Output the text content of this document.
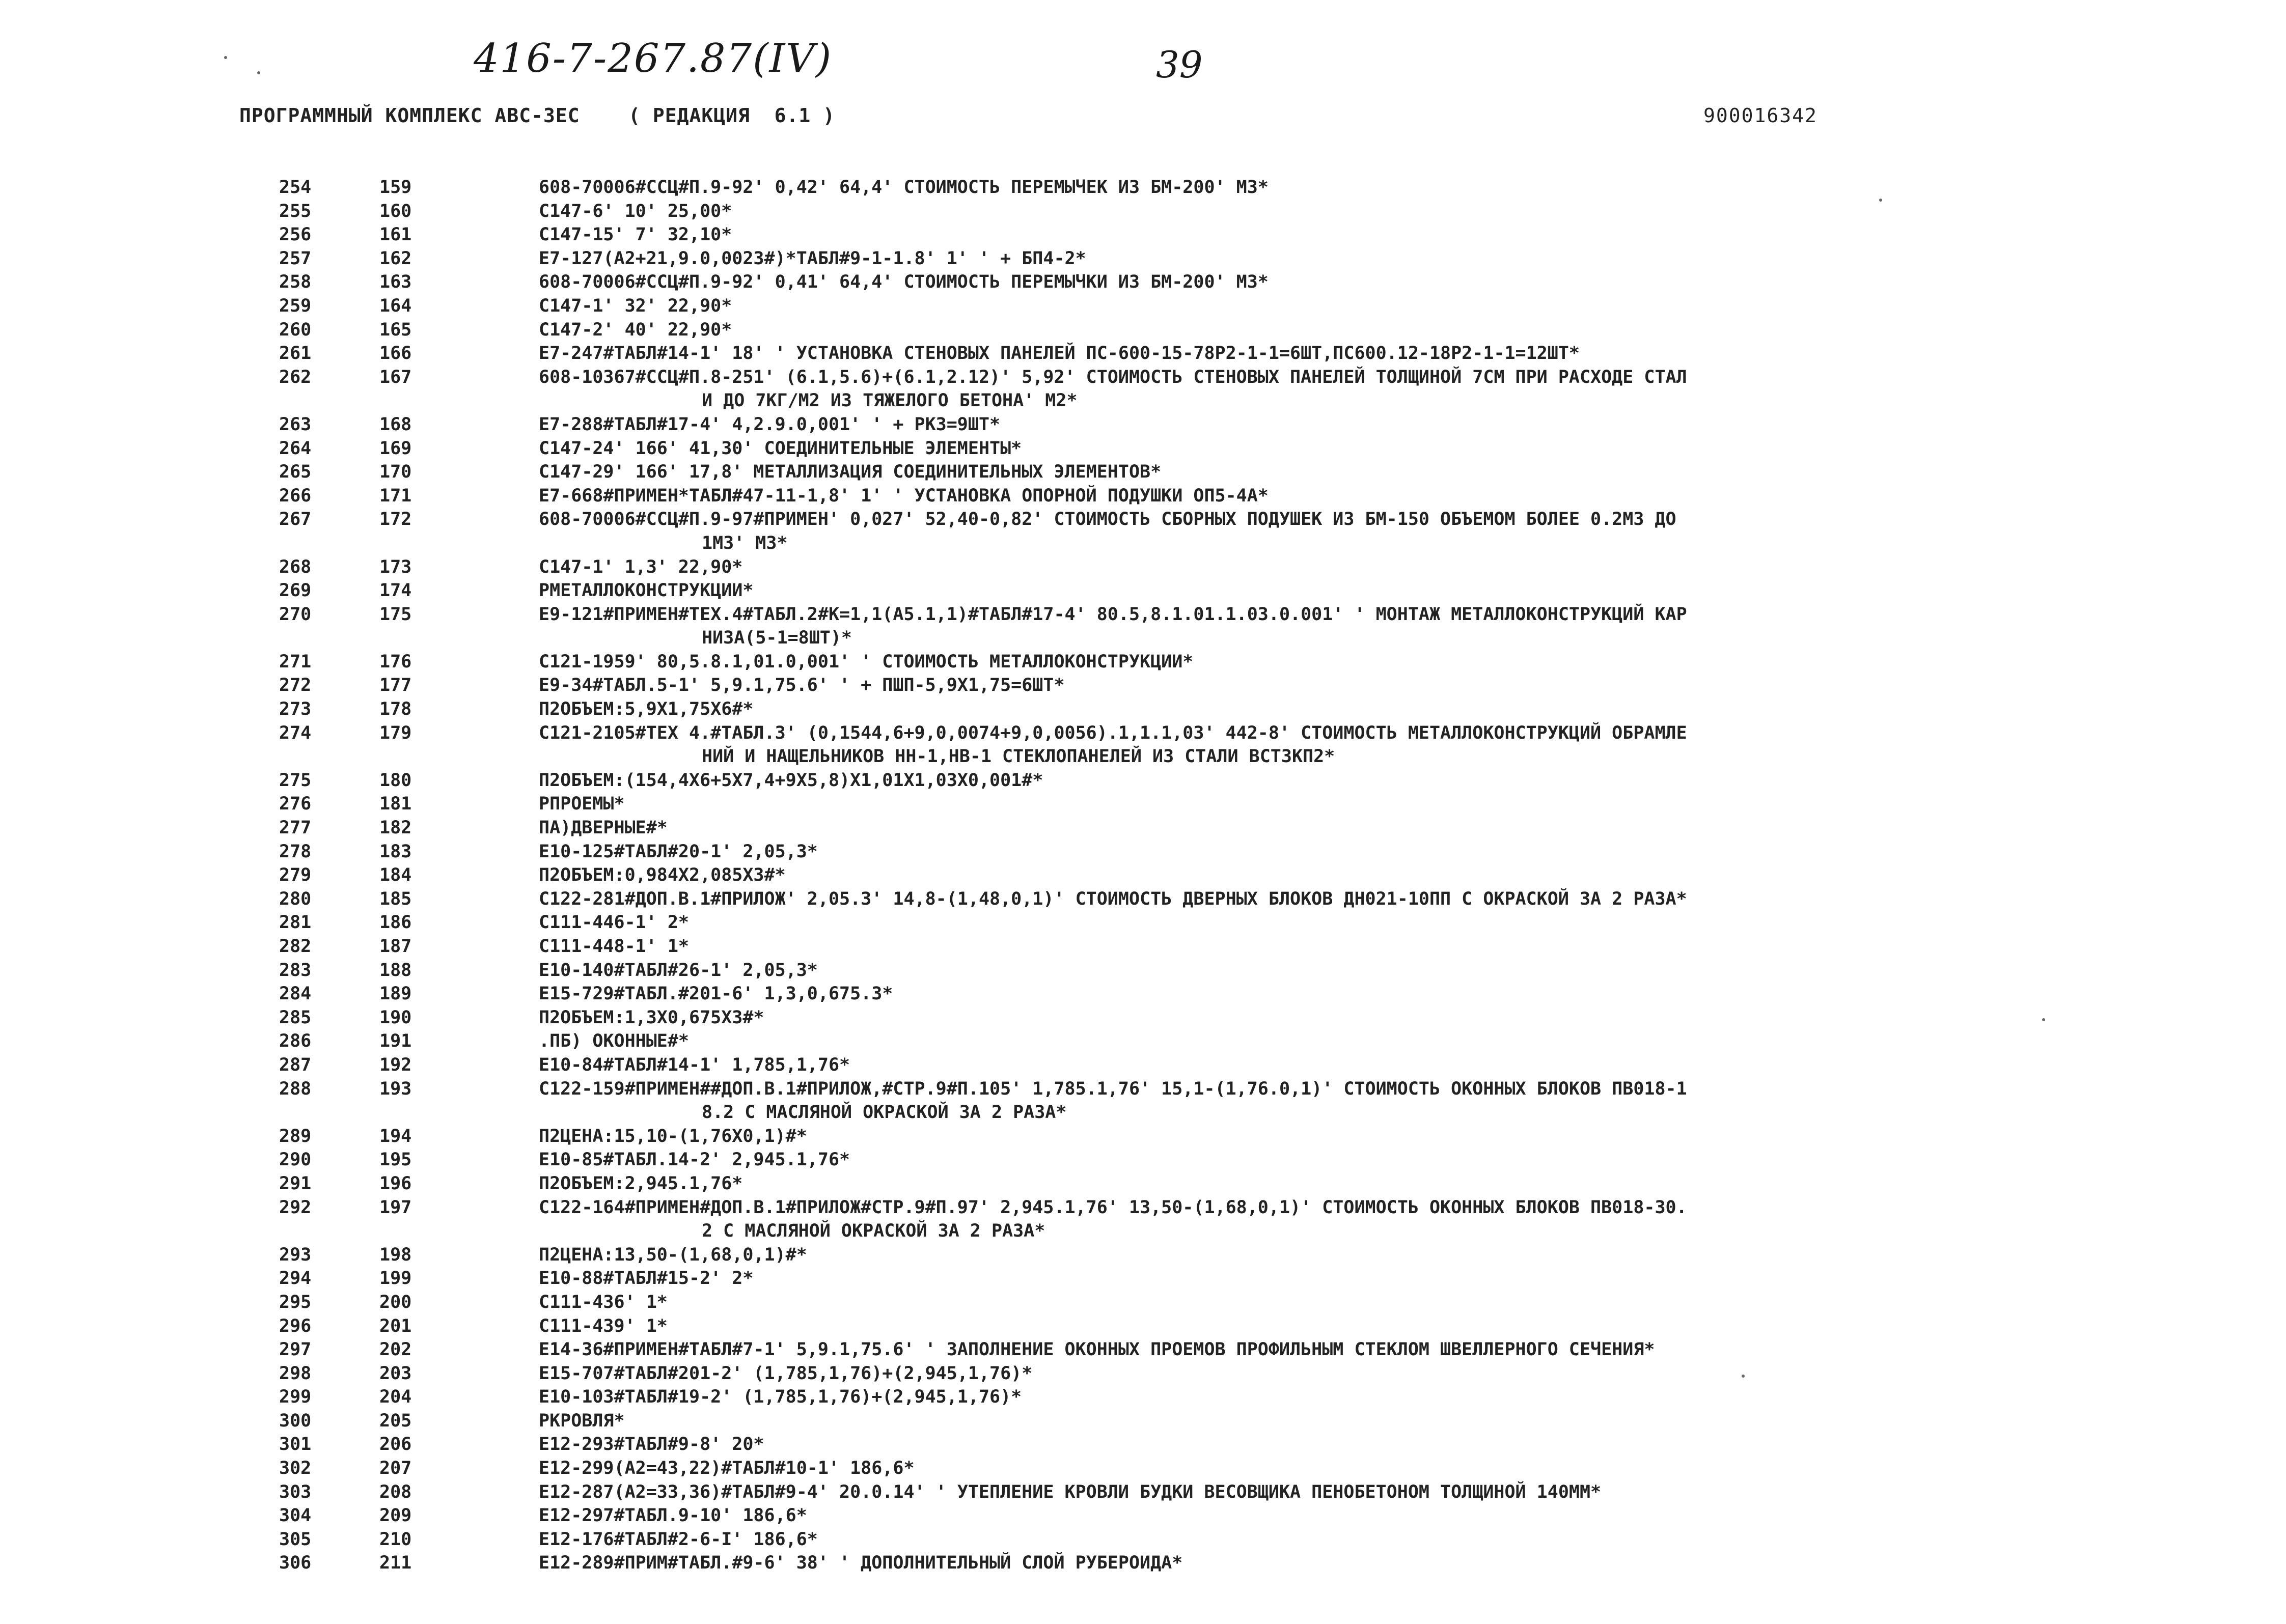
416-7-267.87(IV)	39
ПРОГРАММНЫЙ КОМПЛЕКС АВС-3ЕС    ( РЕДАКЦИЯ  6.1 )	900016342
254	159	608-70006#ССЦ#П.9-92' 0,42' 64,4' СТОИМОСТЬ ПЕРЕМЫЧЕК ИЗ БМ-200' М3*
255	160	С147-6' 10' 25,00*
256	161	С147-15' 7' 32,10*
257	162	Е7-127(А2+21,9.0,0023#)*ТАБЛ#9-1-1.8' 1' ' + БП4-2*
258	163	608-70006#ССЦ#П.9-92' 0,41' 64,4' СТОИМОСТЬ ПЕРЕМЫЧКИ ИЗ БМ-200' М3*
259	164	С147-1' 32' 22,90*
260	165	С147-2' 40' 22,90*
261	166	Е7-247#ТАБЛ#14-1' 18' ' УСТАНОВКА СТЕНОВЫХ ПАНЕЛЕЙ ПС-600-15-78Р2-1-1=6ШТ,ПС600.12-18Р2-1-1=12ШТ*
262	167	608-10367#ССЦ#П.8-251' (6.1,5.6)+(6.1,2.12)' 5,92' СТОИМОСТЬ СТЕНОВЫХ ПАНЕЛЕЙ ТОЛЩИНОЙ 7СМ ПРИ РАСХОДЕ СТАЛ
И ДО 7КГ/М2 ИЗ ТЯЖЕЛОГО БЕТОНА' М2*
263	168	Е7-288#ТАБЛ#17-4' 4,2.9.0,001' ' + РК3=9ШТ*
264	169	С147-24' 166' 41,30' СОЕДИНИТЕЛЬНЫЕ ЭЛЕМЕНТЫ*
265	170	С147-29' 166' 17,8' МЕТАЛЛИЗАЦИЯ СОЕДИНИТЕЛЬНЫХ ЭЛЕМЕНТОВ*
266	171	Е7-668#ПРИМЕН*ТАБЛ#47-11-1,8' 1' ' УСТАНОВКА ОПОРНОЙ ПОДУШКИ ОП5-4А*
267	172	608-70006#ССЦ#П.9-97#ПРИМЕН' 0,027' 52,40-0,82' СТОИМОСТЬ СБОРНЫХ ПОДУШЕК ИЗ БМ-150 ОБЪЕМОМ БОЛЕЕ 0.2М3 ДО
1М3' М3*
268	173	С147-1' 1,3' 22,90*
269	174	РМЕТАЛЛОКОНСТРУКЦИИ*
270	175	Е9-121#ПРИМЕН#ТЕХ.4#ТАБЛ.2#К=1,1(А5.1,1)#ТАБЛ#17-4' 80.5,8.1.01.1.03.0.001' ' МОНТАЖ МЕТАЛЛОКОНСТРУКЦИЙ КАР
НИЗА(5-1=8ШТ)*
271	176	С121-1959' 80,5.8.1,01.0,001' ' СТОИМОСТЬ МЕТАЛЛОКОНСТРУКЦИИ*
272	177	Е9-34#ТАБЛ.5-1' 5,9.1,75.6' ' + ПШП-5,9Х1,75=6ШТ*
273	178	П2ОБЪЕМ:5,9Х1,75Х6#*
274	179	С121-2105#ТЕХ 4.#ТАБЛ.3' (0,1544,6+9,0,0074+9,0,0056).1,1.1,03' 442-8' СТОИМОСТЬ МЕТАЛЛОКОНСТРУКЦИЙ ОБРАМЛЕ
НИЙ И НАЩЕЛЬНИКОВ НН-1,НВ-1 СТЕКЛОПАНЕЛЕЙ ИЗ СТАЛИ ВСТ3КП2*
275	180	П2ОБЪЕМ:(154,4Х6+5Х7,4+9Х5,8)Х1,01Х1,03Х0,001#*
276	181	РПРОЕМЫ*
277	182	ПА)ДВЕРНЫЕ#*
278	183	Е10-125#ТАБЛ#20-1' 2,05,3*
279	184	П2ОБЪЕМ:0,984Х2,085Х3#*
280	185	С122-281#ДОП.В.1#ПРИЛОЖ' 2,05.3' 14,8-(1,48,0,1)' СТОИМОСТЬ ДВЕРНЫХ БЛОКОВ ДН021-10ПП С ОКРАСКОЙ ЗА 2 РАЗА*
281	186	С111-446-1' 2*
282	187	С111-448-1' 1*
283	188	Е10-140#ТАБЛ#26-1' 2,05,3*
284	189	Е15-729#ТАБЛ.#201-6' 1,3,0,675.3*
285	190	П2ОБЪЕМ:1,3Х0,675Х3#*
286	191	.ПБ) ОКОННЫЕ#*
287	192	Е10-84#ТАБЛ#14-1' 1,785,1,76*
288	193	С122-159#ПРИМЕН##ДОП.В.1#ПРИЛОЖ,#СТР.9#П.105' 1,785.1,76' 15,1-(1,76.0,1)' СТОИМОСТЬ ОКОННЫХ БЛОКОВ ПВ018-1
8.2 С МАСЛЯНОЙ ОКРАСКОЙ ЗА 2 РАЗА*
289	194	П2ЦЕНА:15,10-(1,76Х0,1)#*
290	195	Е10-85#ТАБЛ.14-2' 2,945.1,76*
291	196	П2ОБЪЕМ:2,945.1,76*
292	197	С122-164#ПРИМЕН#ДОП.В.1#ПРИЛОЖ#СТР.9#П.97' 2,945.1,76' 13,50-(1,68,0,1)' СТОИМОСТЬ ОКОННЫХ БЛОКОВ ПВ018-30.
2 С МАСЛЯНОЙ ОКРАСКОЙ ЗА 2 РАЗА*
293	198	П2ЦЕНА:13,50-(1,68,0,1)#*
294	199	Е10-88#ТАБЛ#15-2' 2*
295	200	С111-436' 1*
296	201	С111-439' 1*
297	202	Е14-36#ПРИМЕН#ТАБЛ#7-1' 5,9.1,75.6' ' ЗАПОЛНЕНИЕ ОКОННЫХ ПРОЕМОВ ПРОФИЛЬНЫМ СТЕКЛОМ ШВЕЛЛЕРНОГО СЕЧЕНИЯ*
298	203	Е15-707#ТАБЛ#201-2' (1,785,1,76)+(2,945,1,76)*
299	204	Е10-103#ТАБЛ#19-2' (1,785,1,76)+(2,945,1,76)*
300	205	РКРОВЛЯ*
301	206	Е12-293#ТАБЛ#9-8' 20*
302	207	Е12-299(А2=43,22)#ТАБЛ#10-1' 186,6*
303	208	Е12-287(А2=33,36)#ТАБЛ#9-4' 20.0.14' ' УТЕПЛЕНИЕ КРОВЛИ БУДКИ ВЕСОВЩИКА ПЕНОБЕТОНОМ ТОЛЩИНОЙ 140ММ*
304	209	Е12-297#ТАБЛ.9-10' 186,6*
305	210	Е12-176#ТАБЛ#2-6-I' 186,6*
306	211	Е12-289#ПРИМ#ТАБЛ.#9-6' 38' ' ДОПОЛНИТЕЛЬНЫЙ СЛОЙ РУБЕРОИДА*
